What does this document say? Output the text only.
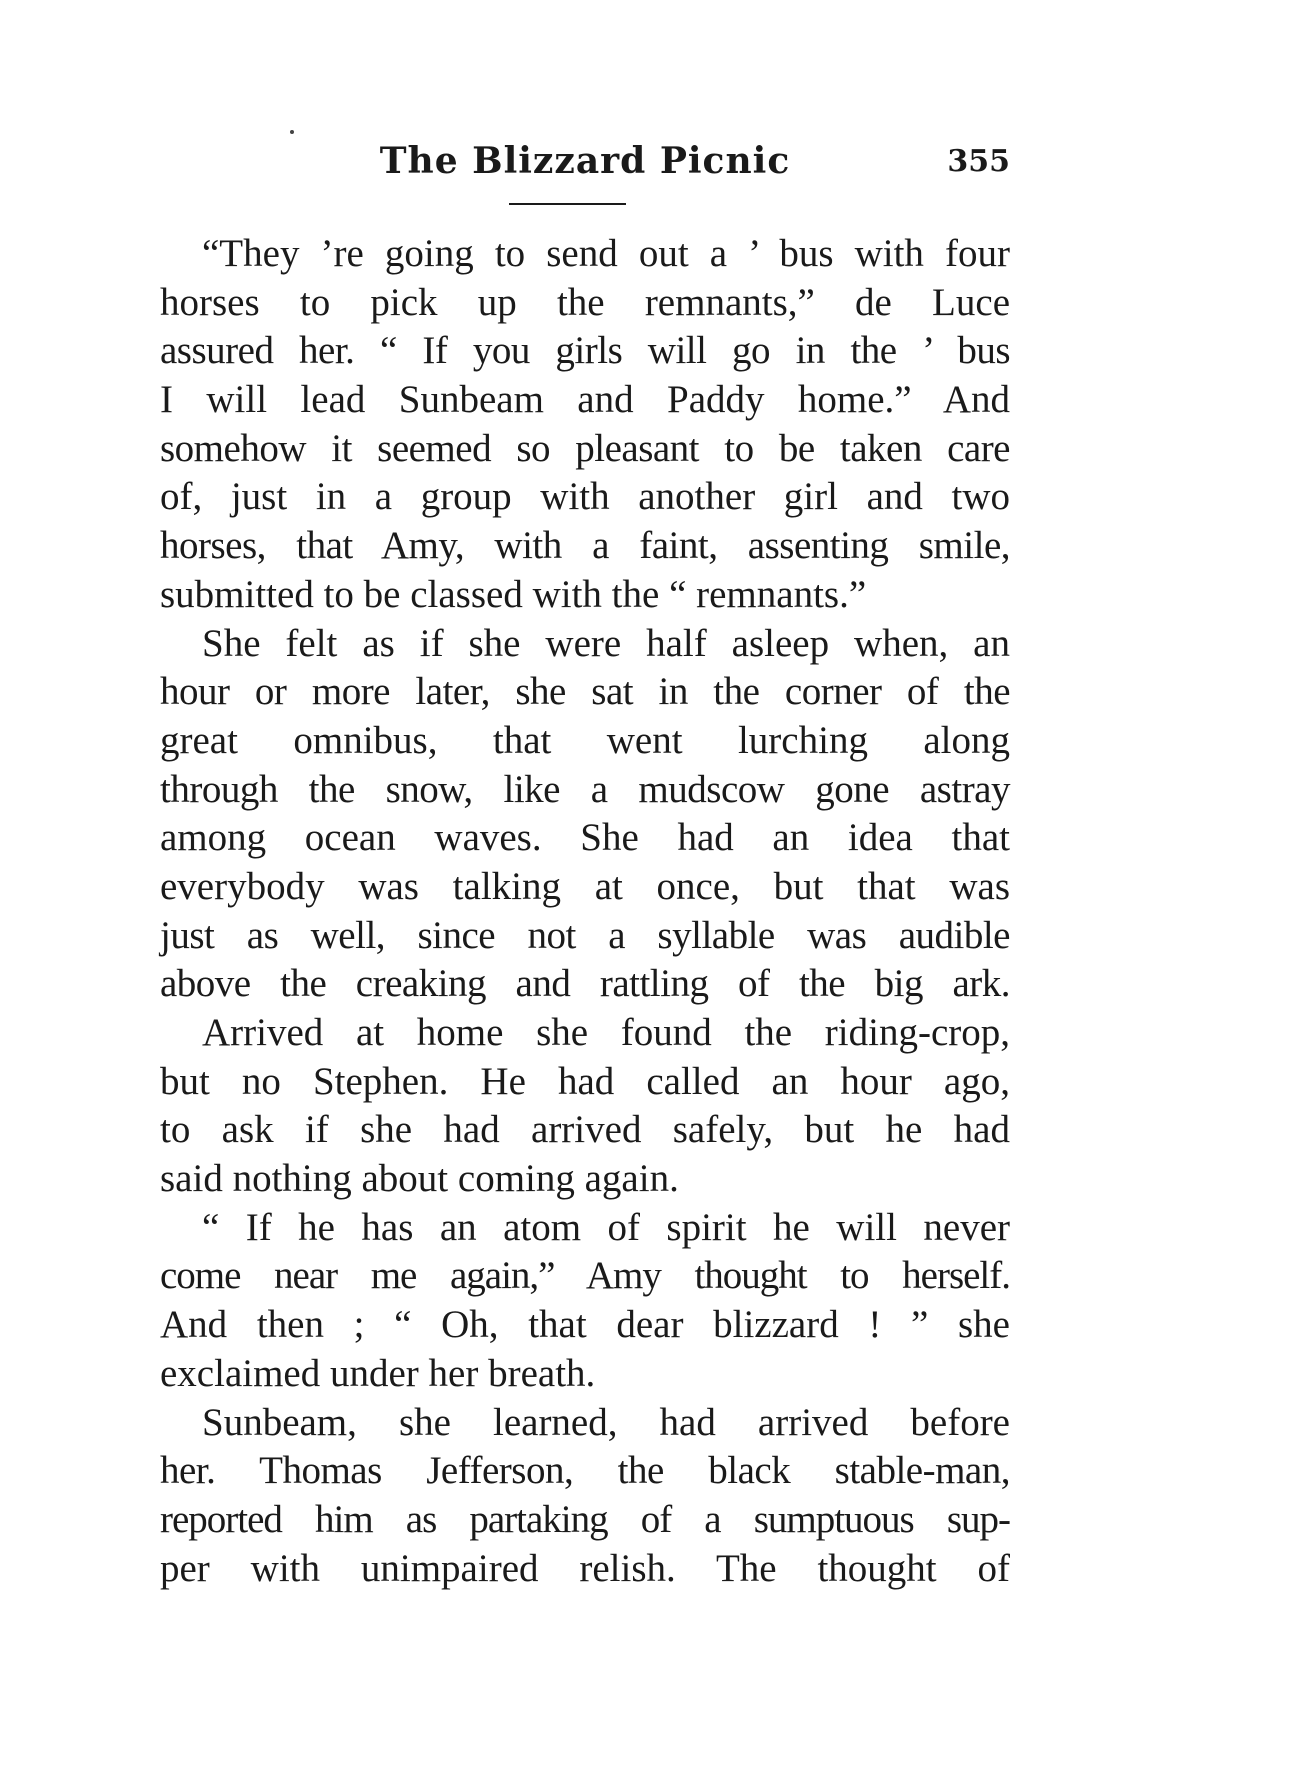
The Blizzard Picnic	355
“They ’re going to send out a ’ bus with four
horses to pick up the remnants,” de Luce
assured her. “ If you girls will go in the ’ bus
I will lead Sunbeam and Paddy home.” And
somehow it seemed so pleasant to be taken care
of, just in a group with another girl and two
horses, that Amy, with a faint, assenting smile,
submitted to be classed with the “ remnants.”
She felt as if she were half asleep when, an
hour or more later, she sat in the corner of the
great omnibus, that went lurching along
through the snow, like a mudscow gone astray
among ocean waves. She had an idea that
everybody was talking at once, but that was
just as well, since not a syllable was audible
above the creaking and rattling of the big ark.
Arrived at home she found the riding-crop,
but no Stephen. He had called an hour ago,
to ask if she had arrived safely, but he had
said nothing about coming again.
“ If he has an atom of spirit he will never
come near me again,” Amy thought to herself.
And then ; “ Oh, that dear blizzard ! ” she
exclaimed under her breath.
Sunbeam, she learned, had arrived before
her. Thomas Jefferson, the black stable-man,
reported him as partaking of a sumptuous sup-
per with unimpaired relish. The thought of
